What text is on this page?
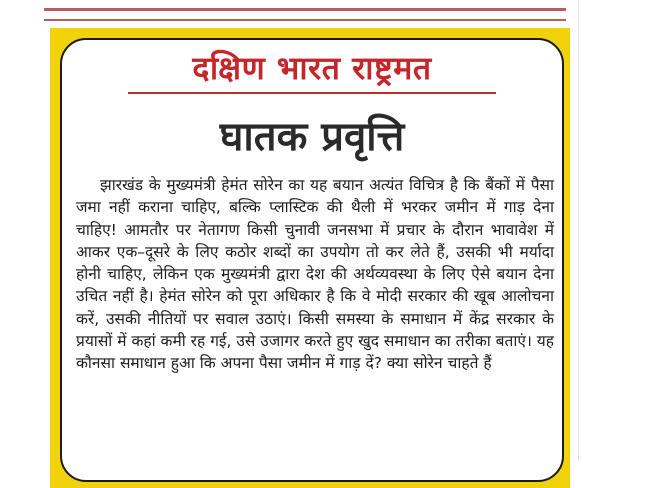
दक्षिण भारत राष्ट्रमत
घातक प्रवृत्ति
झारखंड के मुख्यमंत्री हेमंत सोरेन का यह बयान अत्यंत विचित्र है कि बैंकों में पैसा जमा नहीं कराना चाहिए, बल्कि प्लास्टिक की थैली में भरकर जमीन में गाड़ देना चाहिए! आमतौर पर नेतागण किसी चुनावी जनसभा में प्रचार के दौरान भावावेश में आकर एक–दूसरे के लिए कठोर शब्दों का उपयोग तो कर लेते हैं, उसकी भी मर्यादा होनी चाहिए, लेकिन एक मुख्यमंत्री द्वारा देश की अर्थव्यवस्था के लिए ऐसे बयान देना उचित नहीं है। हेमंत सोरेन को पूरा अधिकार है कि वे मोदी सरकार की खूब आलोचना करें, उसकी नीतियों पर सवाल उठाएं। किसी समस्या के समाधान में केंद्र सरकार के प्रयासों में कहां कमी रह गई, उसे उजागर करते हुए खुद समाधान का तरीका बताएं। यह कौनसा समाधान हुआ कि अपना पैसा जमीन में गाड़ दें? क्या सोरेन चाहते हैं
